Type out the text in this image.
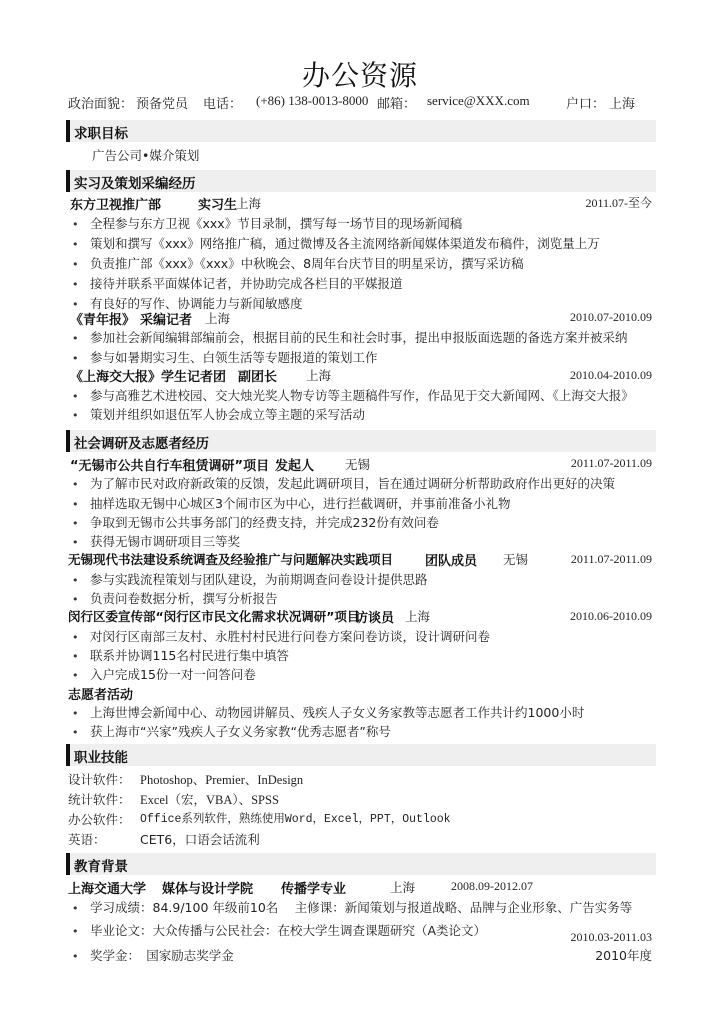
办公资源
政治面貌： 预备党员 电话： (+86) 138-0013-8000 邮箱： service@XXX.com	户口： 上海
求职目标
广告公司•媒介策划
实习及策划采编经历
东方卫视推广部	实习生
上海	2011.07-至今
• 全程参与东方卫视《xxx》节目录制，撰写每一场节目的现场新闻稿
• 策划和撰写《xxx》网络推广稿，通过微博及各主流网络新闻媒体渠道发布稿件，浏览量上万
• 负责推广部《xxx》《xxx》中秋晚会、8周年台庆节目的明星采访，撰写采访稿
• 接待并联系平面媒体记者，并协助完成各栏目的平媒报道
• 有良好的写作、协调能力与新闻敏感度
《青年报》 采编记者 上海	2010.07-2010.09
• 参加社会新闻编辑部编前会，根据目前的民生和社会时事，提出申报版面选题的备选方案并被采纳
• 参与如暑期实习生、白领生活等专题报道的策划工作
《上海交大报》学生记者团 副团长 上海	2010.04-2010.09
• 参与高雅艺术进校园、交大烛光奖人物专访等主题稿件写作，作品见于交大新闻网、《上海交大报》
• 策划并组织如退伍军人协会成立等主题的采写活动
社会调研及志愿者经历
“无锡市公共自行车租赁调研”项目 发起人 无锡	2011.07-2011.09
• 为了解市民对政府新政策的反馈，发起此调研项目，旨在通过调研分析帮助政府作出更好的决策
• 抽样选取无锡中心城区3个闹市区为中心，进行拦截调研，并事前准备小礼物
• 争取到无锡市公共事务部门的经费支持，并完成232份有效问卷
• 获得无锡市调研项目三等奖
无锡现代书法建设系统调查及经验推广与问题解决实践项目 团队成员 无锡	2011.07-2011.09
• 参与实践流程策划与团队建设，为前期调查问卷设计提供思路
• 负责问卷数据分析，撰写分析报告
闵行区委宣传部“闵行区市民文化需求状况调研”项目
访谈员 上海	2010.06-2010.09
• 对闵行区南部三友村、永胜村村民进行问卷方案问卷访谈，设计调研问卷
• 联系并协调115名村民进行集中填答
• 入户完成15份一对一问答问卷
志愿者活动
• 上海世博会新闻中心、动物园讲解员、残疾人子女义务家教等志愿者工作共计约1000小时
• 获上海市“兴家”残疾人子女义务家教“优秀志愿者”称号
职业技能
设计软件： Photoshop、Premier、InDesign
统计软件： Excel（宏，VBA）、SPSS
办公软件： Office系列软件，熟练使用Word，Excel，PPT，Outlook
英语：	CET6，口语会话流利
教育背景
上海交通大学 媒体与设计学院 传播学专业	上海	2008.09-2012.07
• 学习成绩：84.9/100 年级前10名　 主修课：新闻策划与报道战略、品牌与企业形象、广告实务等
• 毕业论文：大众传播与公民社会：在校大学生调查课题研究（A类论文）	2010.03-2011.03
• 奖学金：　国家励志奖学金	2010年度
